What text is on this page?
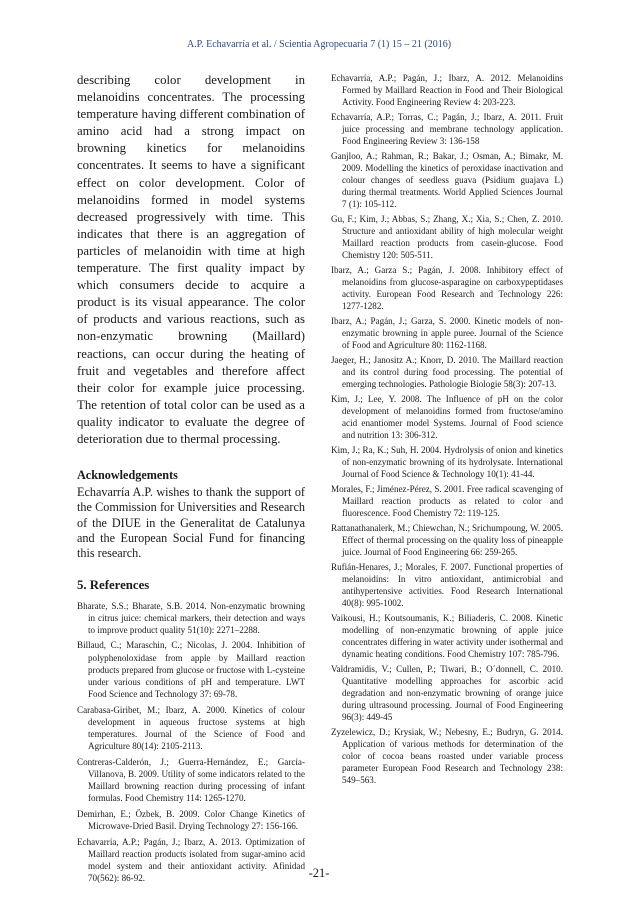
A.P. Echavarría et al. / Scientia Agropecuaria 7 (1) 15 – 21 (2016)

describing color development in melanoidins concentrates. The processing temperature having different combination of amino acid had a strong impact on browning kinetics for melanoidins concentrates. It seems to have a significant effect on color development. Color of melanoidins formed in model systems decreased progressively with time. This indicates that there is an aggregation of particles of melanoidin with time at high temperature. The first quality impact by which consumers decide to acquire a product is its visual appearance. The color of products and various reactions, such as non-enzymatic browning (Maillard) reactions, can occur during the heating of fruit and vegetables and therefore affect their color for example juice processing. The retention of total color can be used as a quality indicator to evaluate the degree of deterioration due to thermal processing.

Acknowledgements

Echavarría A.P. wishes to thank the support of the Commission for Universities and Research of the DIUE in the Generalitat de Catalunya and the European Social Fund for financing this research.

5. References

Bharate, S.S.; Bharate, S.B. 2014. Non-enzymatic browning in citrus juice: chemical markers, their detection and ways to improve product quality 51(10): 2271–2288.

Billaud, C.; Maraschin, C.; Nicolas, J. 2004. Inhibition of polyphenoloxidase from apple by Maillard reaction products prepared from glucose or fructose with L-cysteine under various conditions of pH and temperature. LWT Food Science and Technology 37: 69-78.

Carabasa-Giribet, M.; Ibarz, A. 2000. Kinetics of colour development in aqueous fructose systems at high temperatures. Journal of the Science of Food and Agriculture 80(14): 2105-2113.

Contreras-Calderón, J.; Guerra-Hernández, E.; García-Villanova, B. 2009. Utility of some indicators related to the Maillard browning reaction during processing of infant formulas. Food Chemistry 114: 1265-1270.

Demirhan, E.; Özbek, B. 2009. Color Change Kinetics of Microwave-Dried Basil. Drying Technology 27: 156-166.

Echavarría, A.P.; Pagán, J.; Ibarz, A. 2013. Optimization of Maillard reaction products isolated from sugar-amino acid model system and their antioxidant activity. Afinidad 70(562): 86-92.

Echavarría, A.P.; Pagán, J.; Ibarz, A. 2012. Melanoidins Formed by Maillard Reaction in Food and Their Biological Activity. Food Engineering Review 4: 203-223.

Echavarría, A.P.; Torras, C.; Pagán, J.; Ibarz, A. 2011. Fruit juice processing and membrane technology application. Food Engineering Review 3: 136-158

Ganjloo, A.; Rahman, R.; Bakar, J.; Osman, A.; Bimakr, M. 2009. Modelling the kinetics of peroxidase inactivation and colour changes of seedless guava (Psidium guajava L) during thermal treatments. World Applied Sciences Journal 7 (1): 105-112.

Gu, F.; Kim, J.; Abbas, S.; Zhang, X.; Xia, S.; Chen, Z. 2010. Structure and antioxidant ability of high molecular weight Maillard reaction products from casein-glucose. Food Chemistry 120: 505-511.

Ibarz, A.; Garza S.; Pagán, J. 2008. Inhibitory effect of melanoidins from glucose-asparagine on carboxypeptidases activity. European Food Research and Technology 226: 1277-1282.

Ibarz, A.; Pagán, J.; Garza, S. 2000. Kinetic models of non-enzymatic browning in apple puree. Journal of the Science of Food and Agriculture 80: 1162-1168.

Jaeger, H.; Janositz A.; Knorr, D. 2010. The Maillard reaction and its control during food processing. The potential of emerging technologies. Pathologie Biologie 58(3): 207-13.

Kim, J.; Lee, Y. 2008. The Influence of pH on the color development of melanoidins formed from fructose/amino acid enantiomer model Systems. Journal of Food science and nutrition 13: 306-312.

Kim, J.; Ra, K.; Suh, H. 2004. Hydrolysis of onion and kinetics of non-enzymatic browning of its hydrolysate. International Journal of Food Science & Technology 10(1): 41-44.

Morales, F.; Jiménez-Pérez, S. 2001. Free radical scavenging of Maillard reaction products as related to color and fluorescence. Food Chemistry 72: 119-125.

Rattanathanalerk, M.; Chiewchan, N.; Srichumpoung, W. 2005. Effect of thermal processing on the quality loss of pineapple juice. Journal of Food Engineering 66: 259-265.

Rufián-Henares, J.; Morales, F. 2007. Functional properties of melanoidins: In vitro antioxidant, antimicrobial and antihypertensive activities. Food Research International 40(8): 995-1002.

Vaikousi, H.; Koutsoumanis, K.; Biliaderis, C. 2008. Kinetic modelling of non-enzymatic browning of apple juice concentrates differing in water activity under isothermal and dynamic heating conditions. Food Chemistry 107: 785-796.

Valdramidis, V.; Cullen, P.; Tiwari, B.; O´donnell, C. 2010. Quantitative modelling approaches for ascorbic acid degradation and non-enzymatic browning of orange juice during ultrasound processing. Journal of Food Engineering 96(3): 449-45

Zyzelewicz, D.; Krysiak, W.; Nebesny, E.; Budryn, G. 2014. Application of various methods for determination of the color of cocoa beans roasted under variable process parameter European Food Research and Technology 238: 549–563.

-21-
